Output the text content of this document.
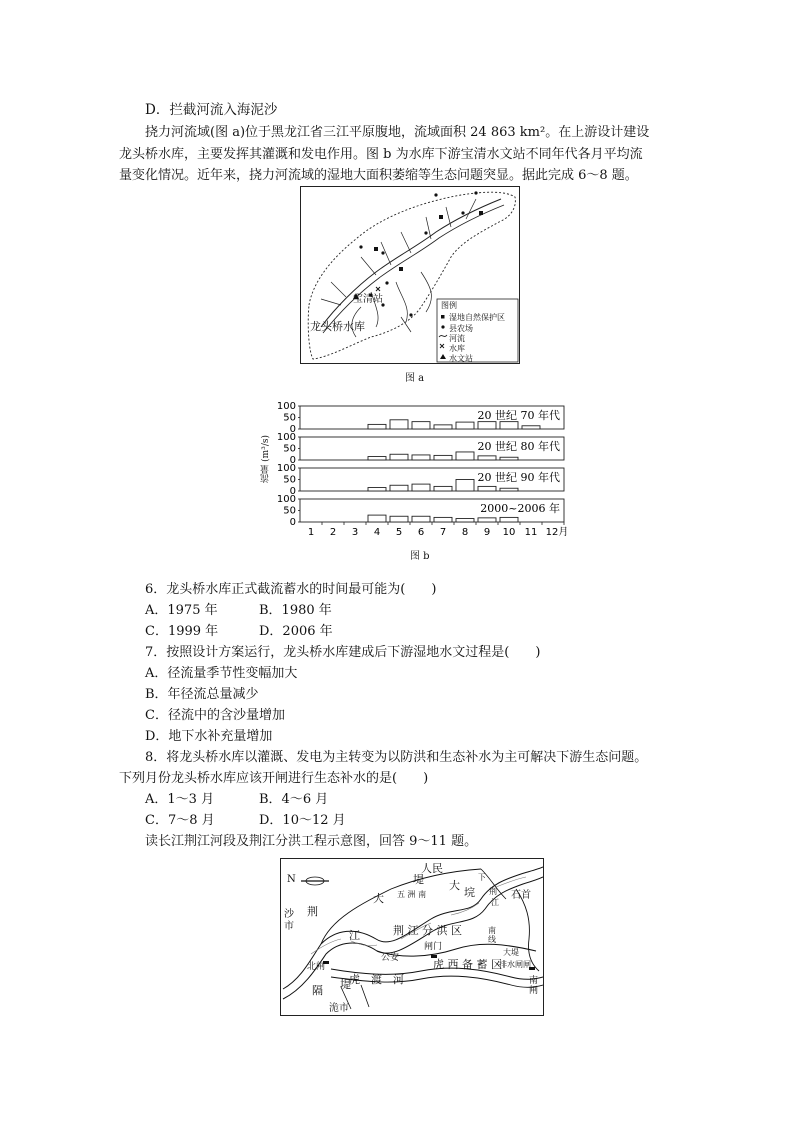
D．拦截河流入海泥沙
挠力河流域(图 a)位于黑龙江省三江平原腹地，流域面积 24 863 km²。在上游设计建设
龙头桥水库，主要发挥其灌溉和发电作用。图 b 为水库下游宝清水文站不同年代各月平均流
量变化情况。近年来，挠力河流域的湿地大面积萎缩等生态问题突显。据此完成 6～8 题。
宝清站
龙头桥水库
图例
湿地自然保护区
县农场
河流
水库
水文站
图 a
100
50
0
20 世纪 70 年代
100
50
0
20 世纪 80 年代
100
50
0
20 世纪 90 年代
100
50
0
2000~2006 年
1 2 3 4 5 6 7 8 9 10 11 12月
流量 (m³/s)
图 b
6．龙头桥水库正式截流蓄水的时间最可能为(　　)
A．1975 年	B．1980 年
C．1999 年	D．2006 年
7．按照设计方案运行，龙头桥水库建成后下游湿地水文过程是(　　)
A．径流量季节性变幅加大
B．年径流总量减少
C．径流中的含沙量增加
D．地下水补充量增加
8．将龙头桥水库以灌溉、发电为主转变为以防洪和生态补水为主可解决下游生态问题。
下列月份龙头桥水库应该开闸进行生态补水的是(　　)
A．1～3 月	B．4～6 月
C．7～8 月	D．10～12 月
读长江荆江河段及荆江分洪工程示意图，回答 9～11 题。
N
沙市
荆
江
北闸
公安
闸门
人民
大
堤 大
垸
下
荆
江
石首
五 洲 南
荆 江 分 洪 区	南线
大堤
排水闸闸
虎　渡　河
虎 西 备 蓄 区
南闸
隔 堤
洈市
